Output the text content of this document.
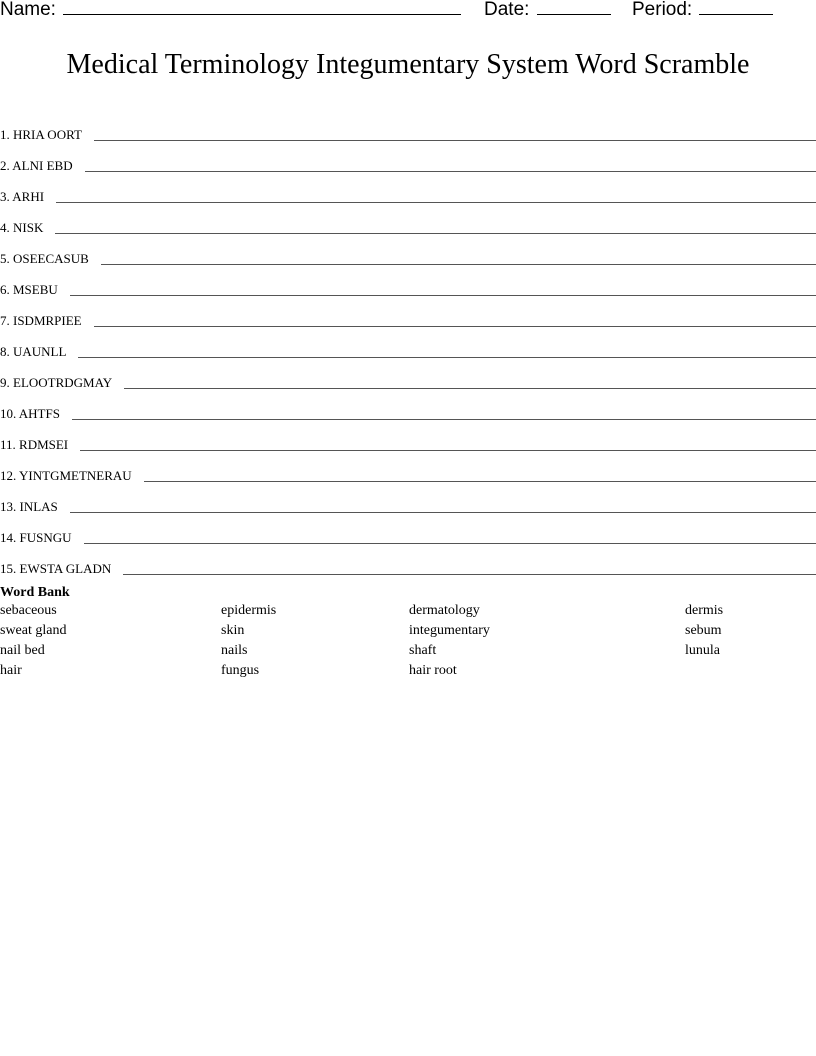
Name:	Date:	Period:
Medical Terminology Integumentary System Word Scramble
1. HRIA OORT
2. ALNI EBD
3. ARHI
4. NISK
5. OSEECASUB
6. MSEBU
7. ISDMRPIEE
8. UAUNLL
9. ELOOTRDGMAY
10. AHTFS
11. RDMSEI
12. YINTGMETNERAU
13. INLAS
14. FUSNGU
15. EWSTA GLADN
Word Bank
sebaceous
sweat gland
nail bed
hair
epidermis
skin
nails
fungus
dermatology
integumentary
shaft
hair root
dermis
sebum
lunula
